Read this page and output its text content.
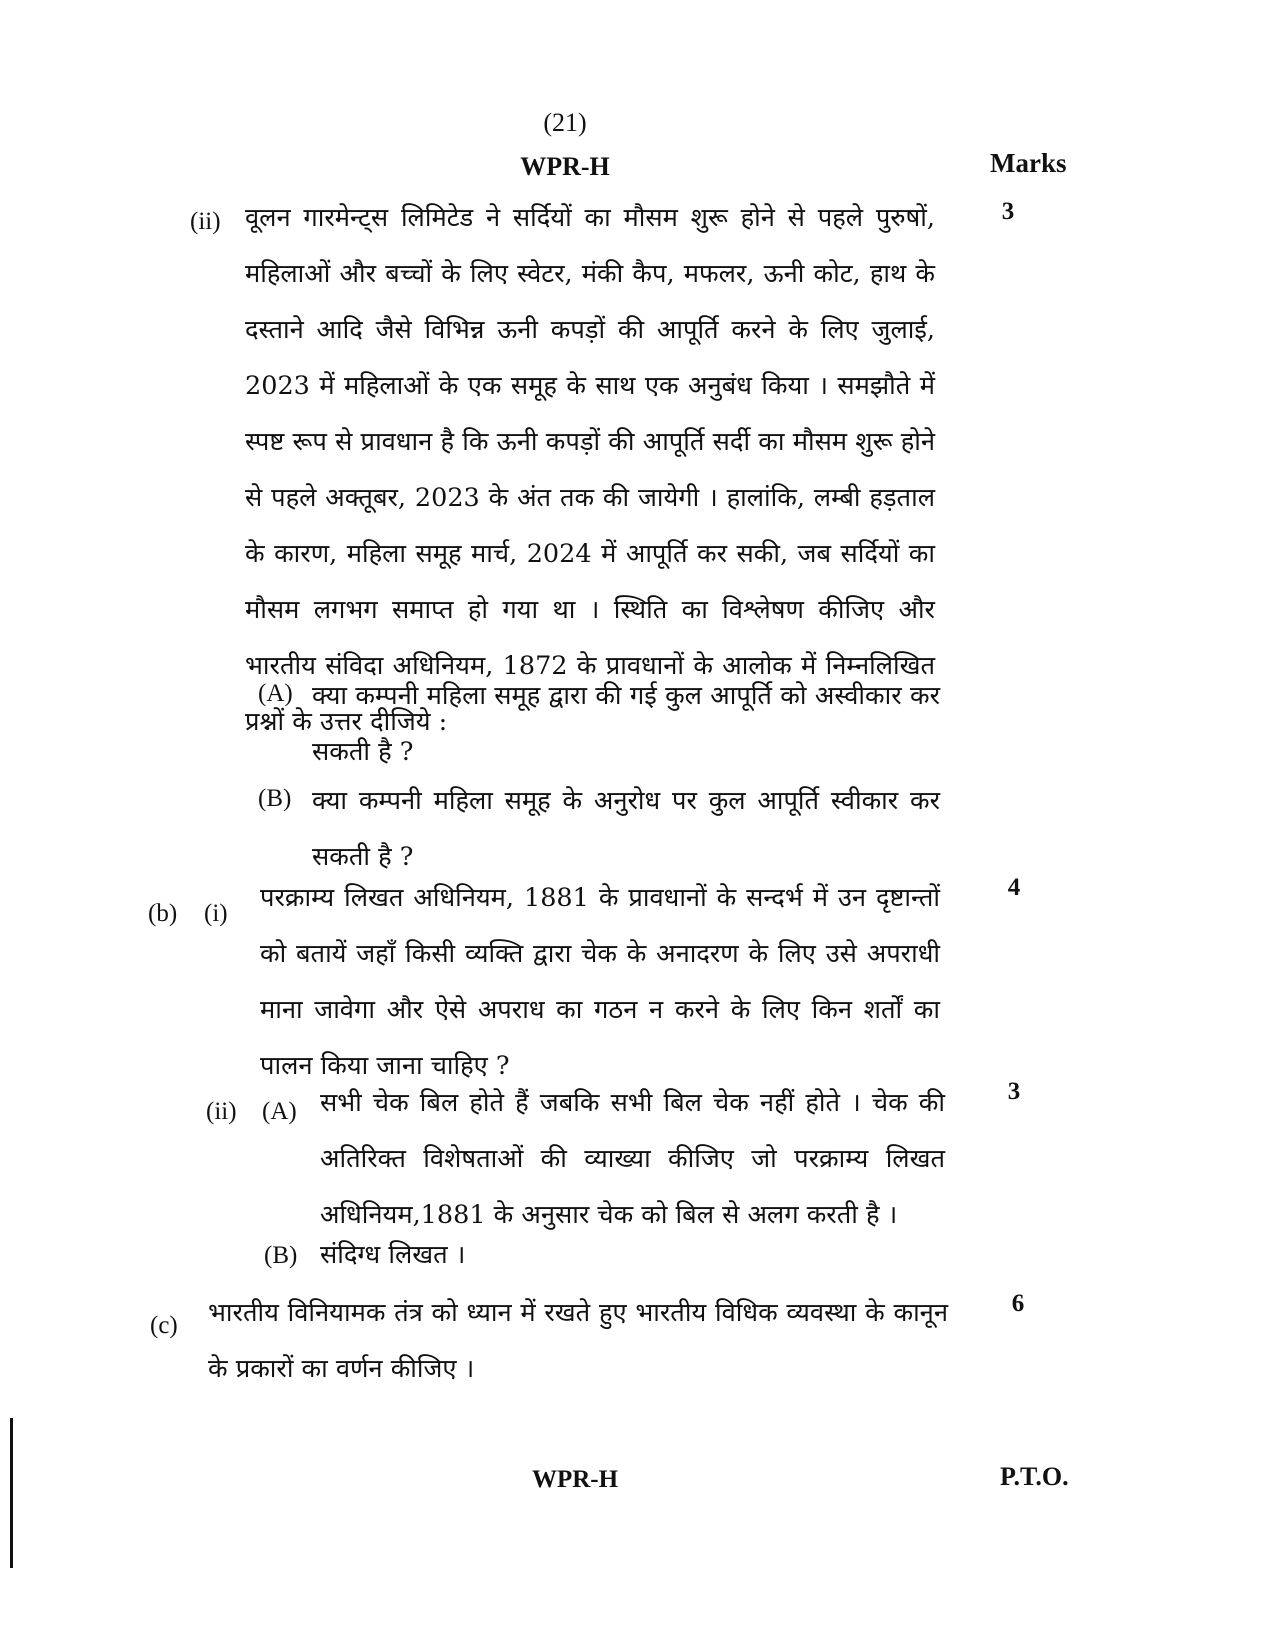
(21)
WPR-H	Marks
(ii)	3
वूलन गारमेन्ट्स लिमिटेड ने सर्दियों का मौसम शुरू होने से पहले पुरुषों, महिलाओं और बच्चों के लिए स्वेटर, मंकी कैप, मफलर, ऊनी कोट, हाथ के दस्ताने आदि जैसे विभिन्न ऊनी कपड़ों की आपूर्ति करने के लिए जुलाई, 2023 में महिलाओं के एक समूह के साथ एक अनुबंध किया । समझौते में स्पष्ट रूप से प्रावधान है कि ऊनी कपड़ों की आपूर्ति सर्दी का मौसम शुरू होने से पहले अक्तूबर, 2023 के अंत तक की जायेगी । हालांकि, लम्बी हड़ताल के कारण, महिला समूह मार्च, 2024 में आपूर्ति कर सकी, जब सर्दियों का मौसम लगभग समाप्त हो गया था । स्थिति का विश्लेषण कीजिए और भारतीय संविदा अधिनियम, 1872 के प्रावधानों के आलोक में निम्नलिखित प्रश्नों के उत्तर दीजिये :
(A) क्या कम्पनी महिला समूह द्वारा की गई कुल आपूर्ति को अस्वीकार कर सकती है ?
(B) क्या कम्पनी महिला समूह के अनुरोध पर कुल आपूर्ति स्वीकार कर सकती है ?
(b) (i)
4
परक्राम्य लिखत अधिनियम, 1881 के प्रावधानों के सन्दर्भ में उन दृष्टान्तों को बतायें जहाँ किसी व्यक्ति द्वारा चेक के अनादरण के लिए उसे अपराधी माना जावेगा और ऐसे अपराध का गठन न करने के लिए किन शर्तों का पालन किया जाना चाहिए ?
(ii) (A)
3
सभी चेक बिल होते हैं जबकि सभी बिल चेक नहीं होते । चेक की अतिरिक्त विशेषताओं की व्याख्या कीजिए जो परक्राम्य लिखत अधिनियम,1881 के अनुसार चेक को बिल से अलग करती है ।
(B) संदिग्ध लिखत ।
(c)
6
भारतीय विनियामक तंत्र को ध्यान में रखते हुए भारतीय विधिक व्यवस्था के कानून के प्रकारों का वर्णन कीजिए ।
WPR-H	P.T.O.
